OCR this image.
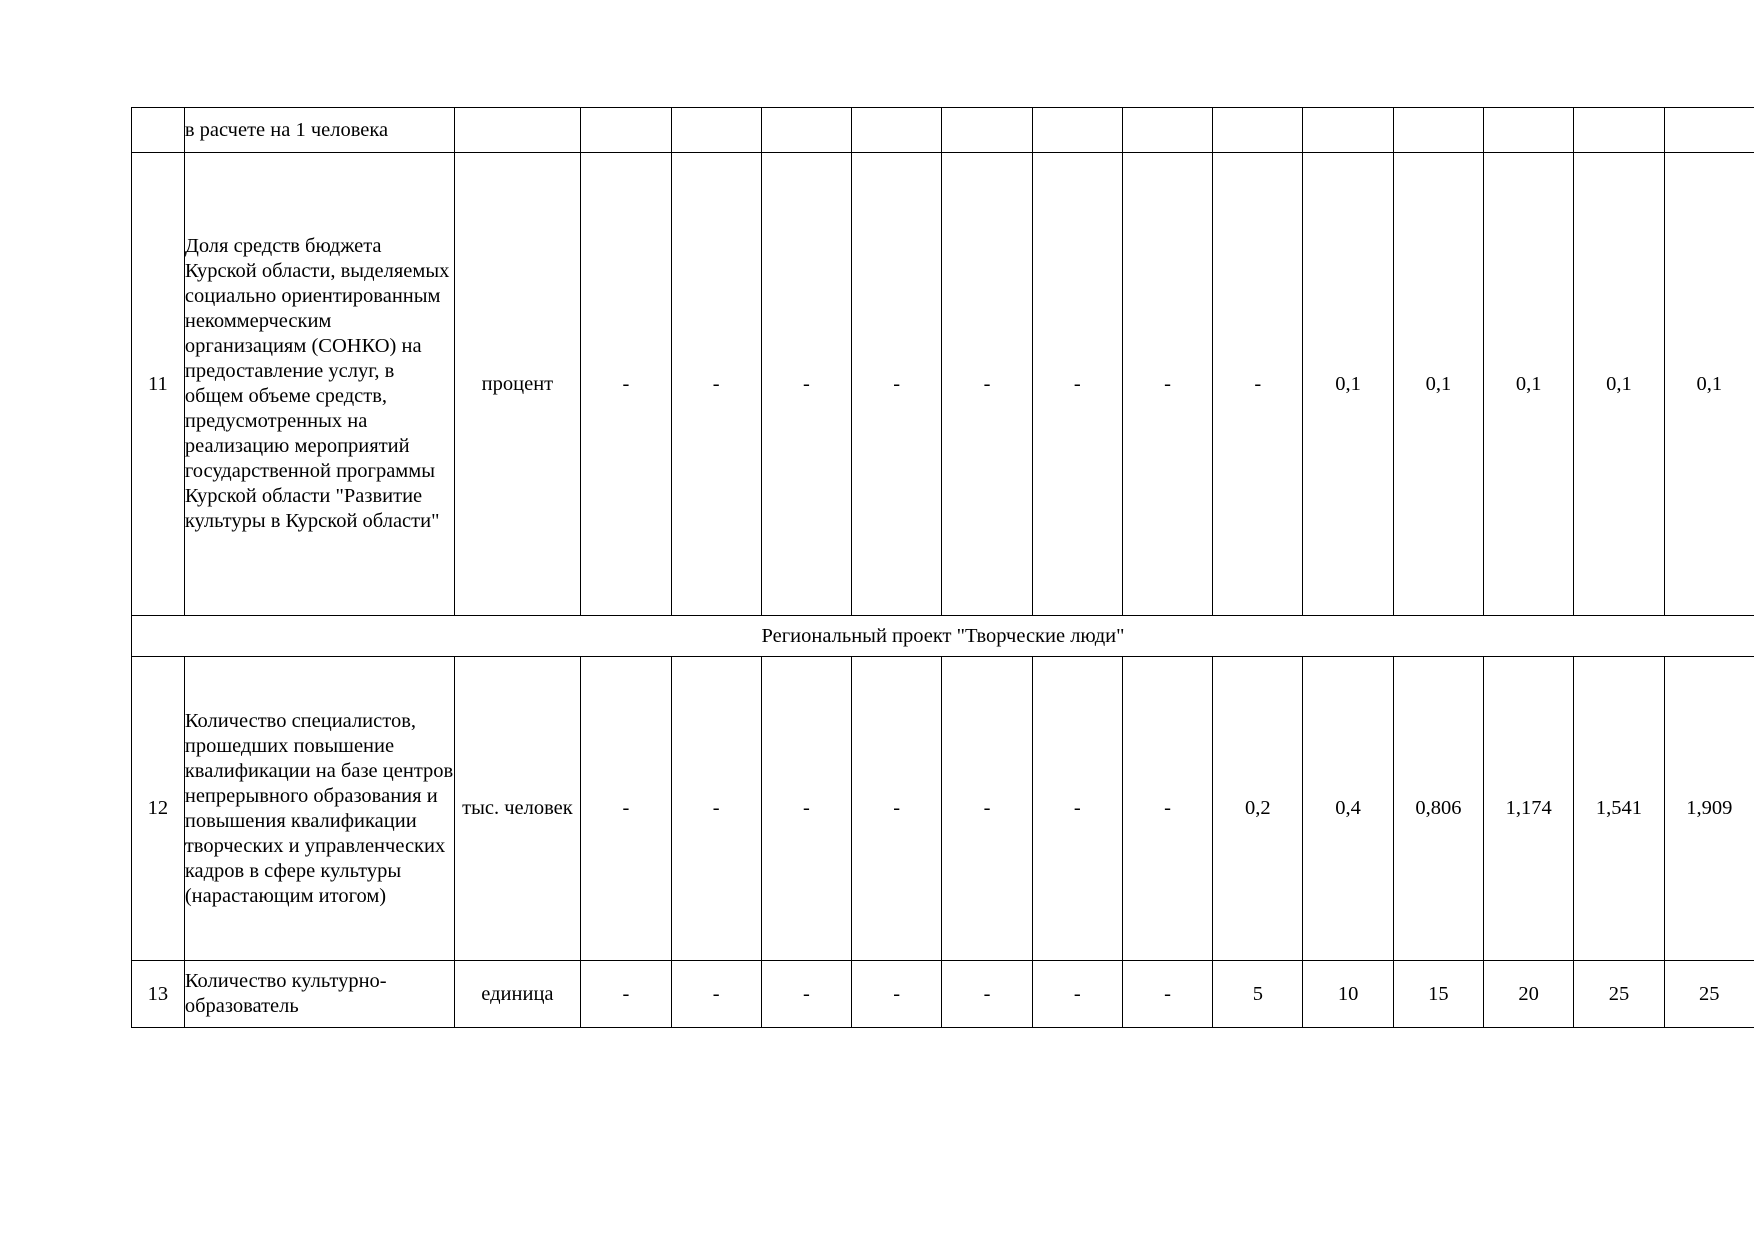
	в расчете на 1 человека														

11	Доля средств бюджета Курской области, выделяемых социально ориентированным некоммерческим организациям (СОНКО) на предоставление услуг, в общем объеме средств, предусмотренных на реализацию мероприятий государственной программы Курской области "Развитие культуры в Курской области"	процент	-	-	-	-	-	-	-	-	0,1	0,1	0,1	0,1	0,1
Региональный проект "Творческие люди"															
12	Количество специалистов, прошедших повышение квалификации на базе центров непрерывного образования и повышения квалификации творческих и управленческих кадров в сфере культуры (нарастающим итогом)	тыс. человек	-	-	-	-	-	-	-	0,2	0,4	0,806	1,174	1,541	1,909
13	Количество культурно-образователь	единица	-	-	-	-	-	-	-	5	10	15	20	25	25
